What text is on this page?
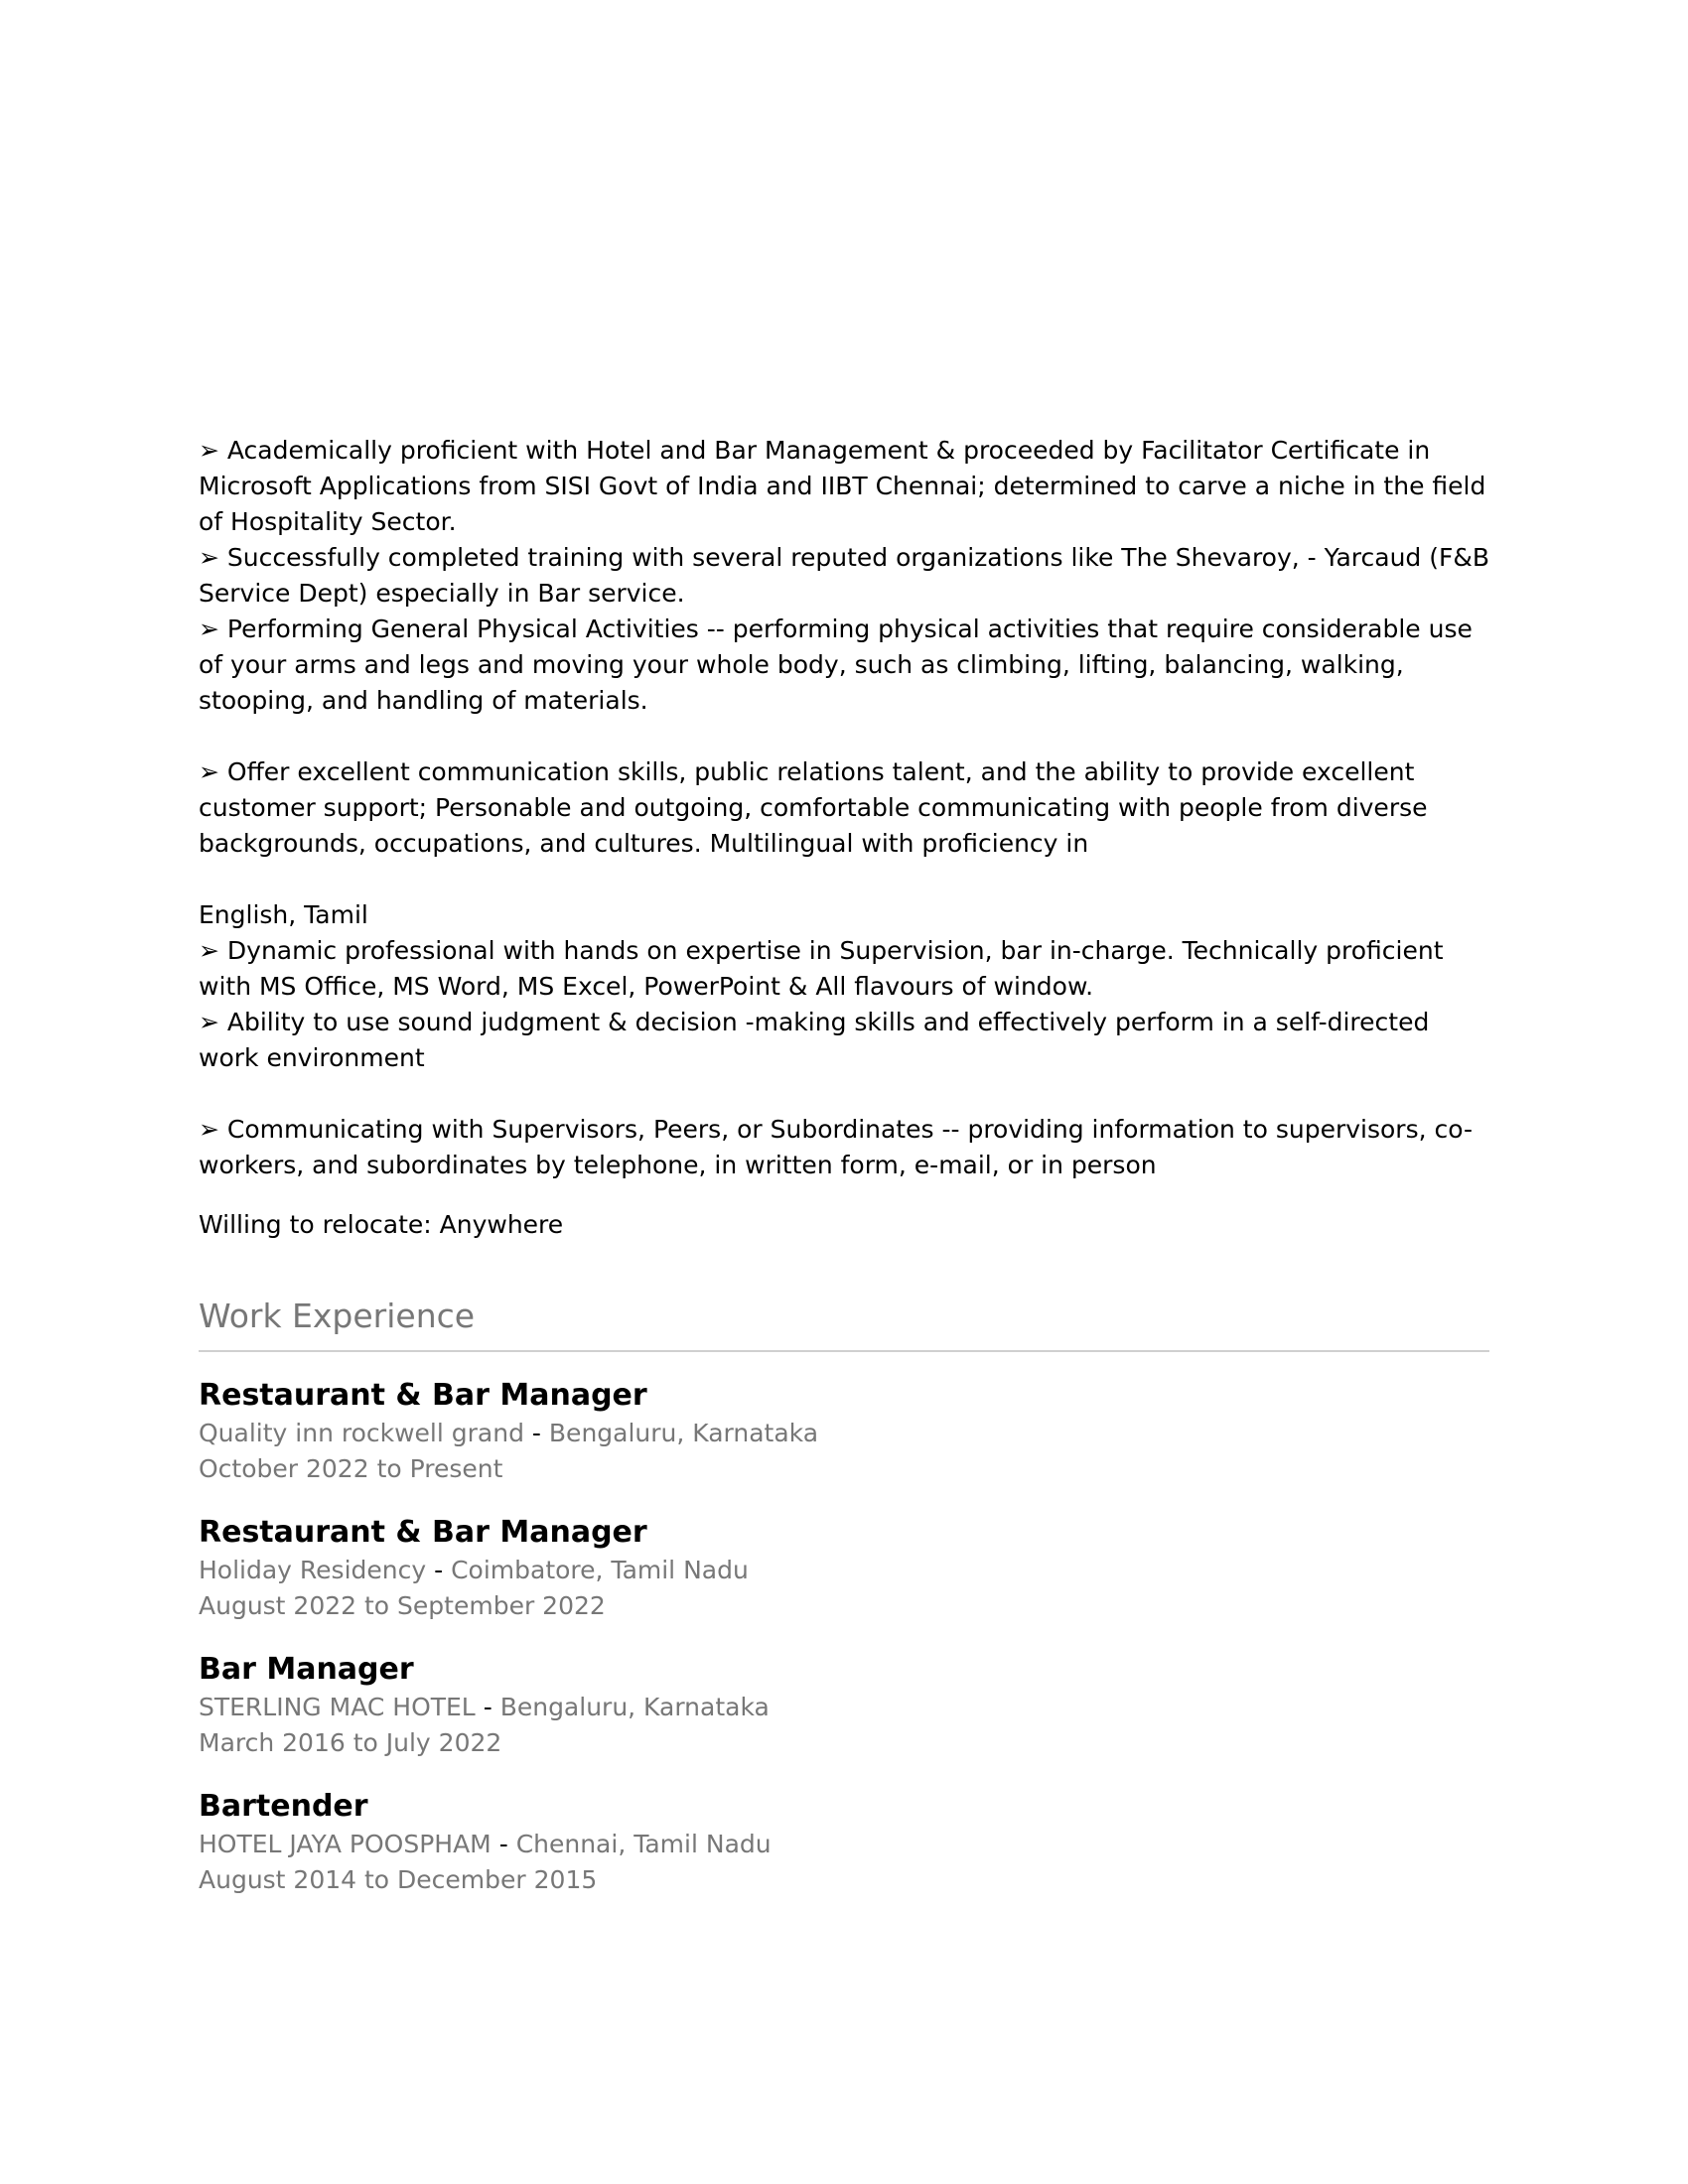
➢ Academically proficient with Hotel and Bar Management & proceeded by Facilitator Certificate in Microsoft Applications from SISI Govt of India and IIBT Chennai; determined to carve a niche in the field of Hospitality Sector.

➢ Successfully completed training with several reputed organizations like The Shevaroy, - Yarcaud (F&B Service Dept) especially in Bar service.

➢ Performing General Physical Activities -- performing physical activities that require considerable use of your arms and legs and moving your whole body, such as climbing, lifting, balancing, walking, stooping, and handling of materials.

➢ Offer excellent communication skills, public relations talent, and the ability to provide excellent customer support; Personable and outgoing, comfortable communicating with people from diverse backgrounds, occupations, and cultures. Multilingual with proficiency in

English, Tamil

➢ Dynamic professional with hands on expertise in Supervision, bar in-charge. Technically proficient with MS Office, MS Word, MS Excel, PowerPoint & All flavours of window.

➢ Ability to use sound judgment & decision -making skills and effectively perform in a self-directed work environment

➢ Communicating with Supervisors, Peers, or Subordinates -- providing information to supervisors, co-workers, and subordinates by telephone, in written form, e-mail, or in person

Willing to relocate: Anywhere
Work Experience
Restaurant & Bar Manager
Quality inn rockwell grand - Bengaluru, Karnataka
October 2022 to Present
Restaurant & Bar Manager
Holiday Residency - Coimbatore, Tamil Nadu
August 2022 to September 2022
Bar Manager
STERLING MAC HOTEL - Bengaluru, Karnataka
March 2016 to July 2022
Bartender
HOTEL JAYA POOSPHAM - Chennai, Tamil Nadu
August 2014 to December 2015
